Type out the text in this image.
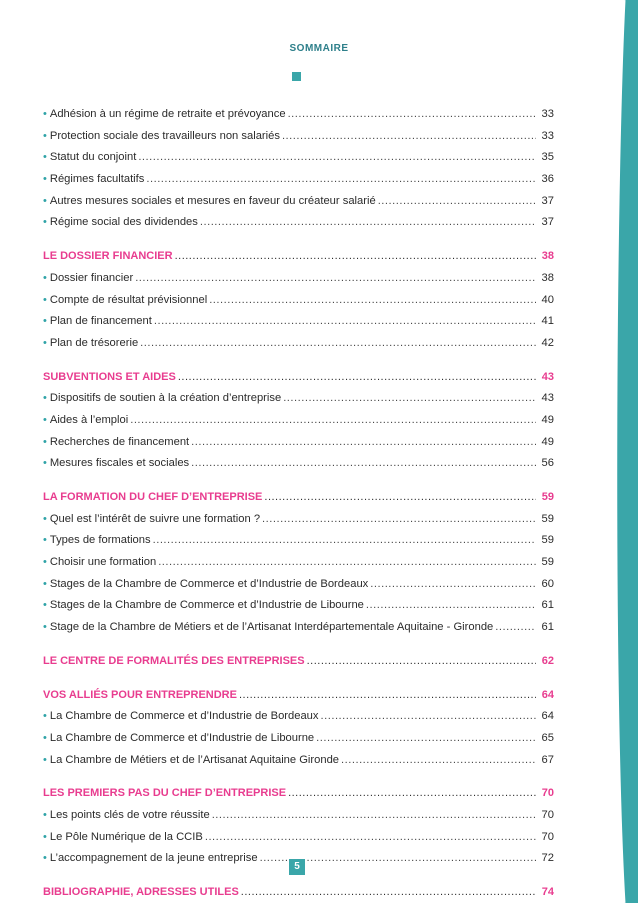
SOMMAIRE
• Adhésion à un régime de retraite et prévoyance .....	33
• Protection sociale des travailleurs non salariés .....	33
• Statut du conjoint .....	35
• Régimes facultatifs .....	36
• Autres mesures sociales et mesures en faveur du créateur salarié .....	37
• Régime social des dividendes .....	37
LE DOSSIER FINANCIER .....	38
• Dossier financier .....	38
• Compte de résultat prévisionnel .....	40
• Plan de financement .....	41
• Plan de trésorerie .....	42
SUBVENTIONS ET AIDES .....	43
• Dispositifs de soutien à la création d’entreprise .....	43
• Aides à l’emploi .....	49
• Recherches de financement .....	49
• Mesures fiscales et sociales .....	56
LA FORMATION DU CHEF D’ENTREPRISE .....	59
• Quel est l’intérêt de suivre une formation ? .....	59
• Types de formations .....	59
• Choisir une formation .....	59
• Stages de la Chambre de Commerce et d’Industrie de Bordeaux .....	60
• Stages de la Chambre de Commerce et d’Industrie de Libourne .....	61
• Stage de la Chambre de Métiers et de l’Artisanat Interdépartementale Aquitaine - Gironde .....	61
LE CENTRE DE FORMALITÉS DES ENTREPRISES .....	62
VOS ALLIÉS POUR ENTREPRENDRE .....	64
• La Chambre de Commerce et d’Industrie de Bordeaux .....	64
• La Chambre de Commerce et d’Industrie de Libourne .....	65
• La Chambre de Métiers et de l’Artisanat Aquitaine Gironde .....	67
LES PREMIERS PAS DU CHEF D’ENTREPRISE .....	70
• Les points clés de votre réussite .....	70
• Le Pôle Numérique de la CCIB .....	70
• L’accompagnement de la jeune entreprise .....	72
BIBLIOGRAPHIE, ADRESSES UTILES .....	74
5
